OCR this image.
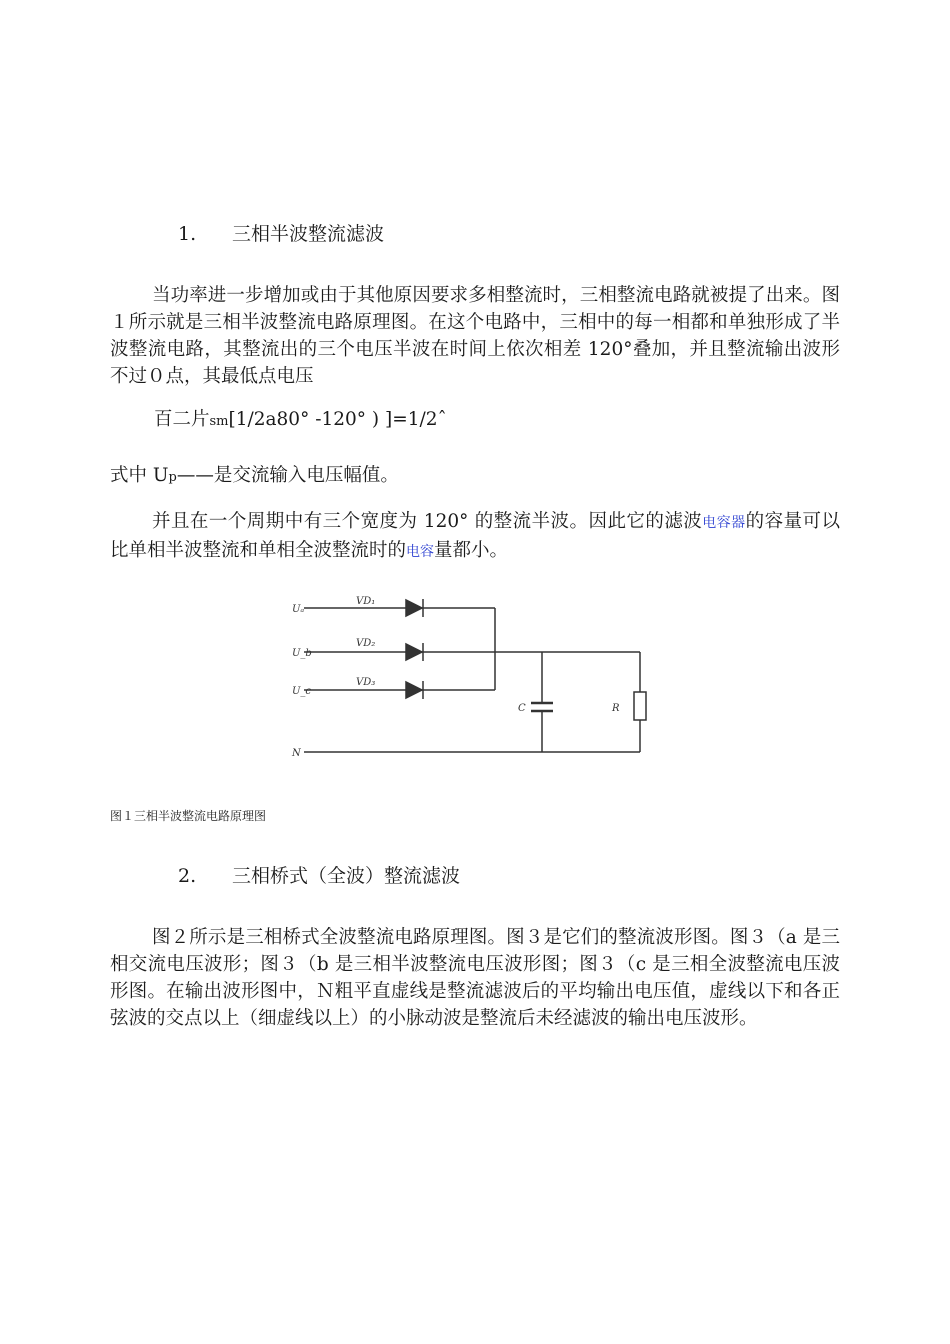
1. 三相半波整流滤波
当功率进一步增加或由于其他原因要求多相整流时，三相整流电路就被提了出来。图１所示就是三相半波整流电路原理图。在这个电路中，三相中的每一相都和单独形成了半波整流电路，其整流出的三个电压半波在时间上依次相差 120°叠加，并且整流输出波形不过０点，其最低点电压
百二片sm[1/2a80° -120° ) ]=1/2ˆ
式中 Up——是交流输入电压幅值。
并且在一个周期中有三个宽度为 120° 的整流半波。因此它的滤波电容器的容量可以比单相半波整流和单相全波整流时的电容量都小。
Uₐ
U_b
U_c
N
VD₁
VD₂
VD₃
C	R
图１三相半波整流电路原理图
2. 三相桥式（全波）整流滤波
图２所示是三相桥式全波整流电路原理图。图３是它们的整流波形图。图３（a 是三相交流电压波形；图３（b 是三相半波整流电压波形图；图３（c 是三相全波整流电压波形图。在输出波形图中，Ｎ粗平直虚线是整流滤波后的平均输出电压值，虚线以下和各正弦波的交点以上（细虚线以上）的小脉动波是整流后未经滤波的输出电压波形。
